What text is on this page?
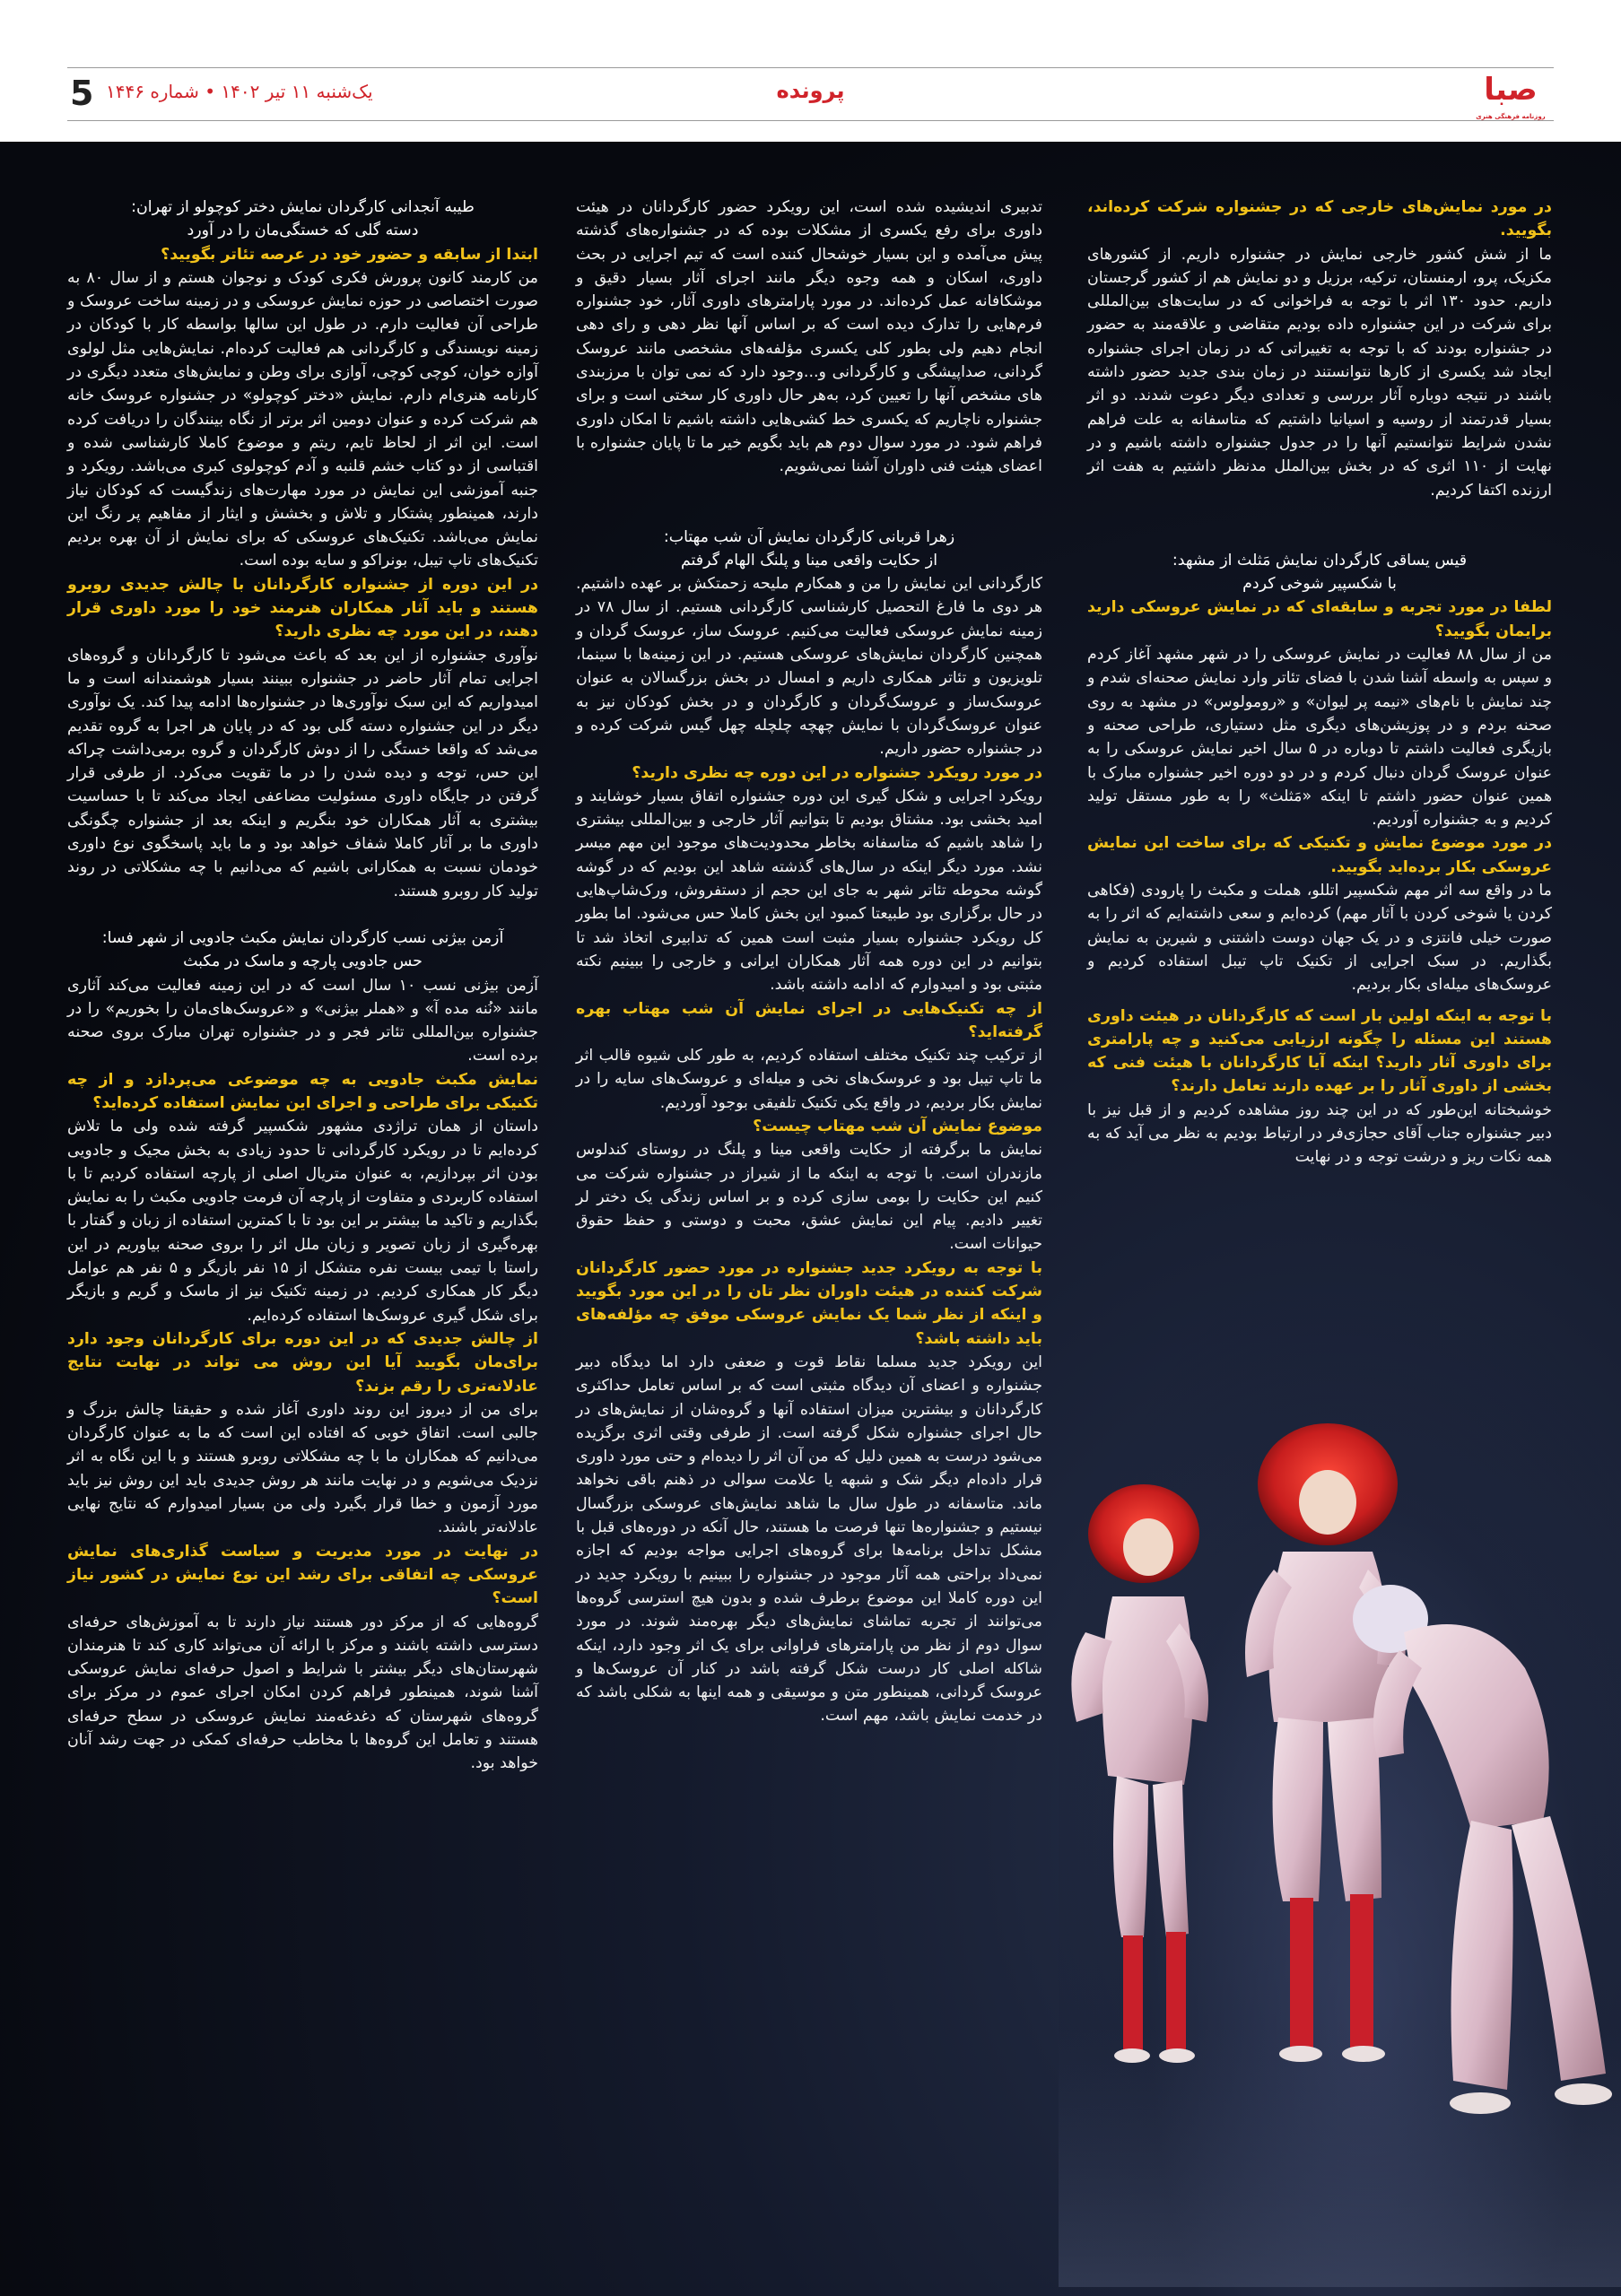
صبا
روزنامه فرهنگی هنری
پرونده
یک‌شنبه ۱۱ تیر ۱۴۰۲ • شماره ۱۴۴۶
5

در مورد نمایش‌های خارجی که در جشنواره شرکت کرده‌اند، بگویید.

ما از شش کشور خارجی نمایش در جشنواره داریم. از کشورهای مکزیک، پرو، ارمنستان، ترکیه، برزیل و دو نمایش هم از کشور گرجستان داریم. حدود ۱۳۰ اثر با توجه به فراخوانی که در سایت‌های بین‌المللی برای شرکت در این جشنواره داده بودیم متقاضی و علاقه‌مند به حضور در جشنواره بودند که با توجه به تغییراتی که در زمان اجرای جشنواره ایجاد شد یکسری از کارها نتوانستند در زمان بندی جدید حضور داشته باشند در نتیجه دوباره آثار بررسی و تعدادی دیگر دعوت شدند. دو اثر بسیار قدرتمند از روسیه و اسپانیا داشتیم که متاسفانه به علت فراهم نشدن شرایط نتوانستیم آنها را در جدول جشنواره داشته باشیم و در نهایت از ۱۱۰ اثری که در بخش بین‌الملل مدنظر داشتیم به هفت اثر ارزنده اکتفا کردیم.

قیس یساقی کارگردان نمایش مَثلث از مشهد:

با شکسپیر شوخی کردم

لطفا در مورد تجربه و سابقه‌ای که در نمایش عروسکی دارید برایمان بگویید؟

من از سال ۸۸ فعالیت در نمایش عروسکی را در شهر مشهد آغاز کردم و سپس به واسطه آشنا شدن با فضای تئاتر وارد نمایش صحنه‌ای شدم و چند نمایش با نام‌های «نیمه پر لیوان» و «رومولوس» در مشهد به روی صحنه بردم و در پوزیشن‌های دیگری مثل دستیاری، طراحی صحنه و بازیگری فعالیت داشتم تا دوباره در ۵ سال اخیر نمایش عروسکی را به عنوان عروسک گردان دنبال کردم و در دو دوره اخیر جشنواره مبارک با همین عنوان حضور داشتم تا اینکه «مَثلث» را به طور مستقل تولید کردیم و به جشنواره آوردیم.

در مورد موضوع نمایش و تکنیکی که برای ساخت این نمایش عروسکی بکار برده‌اید بگویید.

ما در واقع سه اثر مهم شکسپیر اتللو، هملت و مکبث را پارودی (فکاهی کردن یا شوخی کردن با آثار مهم) کرده‌ایم و سعی داشته‌ایم که اثر را به صورت خیلی فانتزی و در یک جهان دوست داشتنی و شیرین به نمایش بگذاریم. در سبک اجرایی از تکنیک تاپ تیبل استفاده کردیم و عروسک‌های میله‌ای بکار بردیم.

با توجه به اینکه اولین بار است که کارگردانان در هیئت داوری هستند این مسئله را چگونه ارزیابی می‌کنید و چه پارامتری برای داوری آثار دارید؟ اینکه آیا کارگردانان با هیئت فنی که بخشی از داوری آثار را بر عهده دارند تعامل دارند؟

خوشبختانه این‌طور که در این چند روز مشاهده کردیم و از قبل نیز با دبیر جشنواره جناب آقای حجازی‌فر در ارتباط بودیم به نظر می آید که به همه نکات ریز و درشت توجه و در نهایت

تدبیری اندیشیده شده است، این رویکرد حضور کارگردانان در هیئت داوری برای رفع یکسری از مشکلات بوده که در جشنواره‌های گذشته پیش می‌آمده و این بسیار خوشحال کننده است که تیم اجرایی در بحث داوری، اسکان و همه وجوه دیگر مانند اجرای آثار بسیار دقیق و موشکافانه عمل کرده‌اند. در مورد پارامترهای داوری آثار، خود جشنواره فرم‌هایی را تدارک دیده است که بر اساس آنها نظر دهی و رای دهی انجام دهیم ولی بطور کلی یکسری مؤلفه‌های مشخصی مانند عروسک گردانی، صداپیشگی و کارگردانی و...وجود دارد که نمی توان با مرزبندی های مشخص آنها را تعیین کرد، به‌هر حال داوری کار سختی است و برای جشنواره ناچاریم که یکسری خط کشی‌هایی داشته باشیم تا امکان داوری فراهم شود. در مورد سوال دوم هم باید بگویم خیر ما تا پایان جشنواره با اعضای هیئت فنی داوران آشنا نمی‌شویم.

زهرا قربانی کارگردان نمایش آن شب مهتاب:

از حکایت واقعی مینا و پلنگ الهام گرفتم

کارگردانی این نمایش را من و همکارم ملیحه زحمتکش بر عهده داشتیم. هر دوی ما فارغ التحصیل کارشناسی کارگردانی هستیم. از سال ۷۸ در زمینه نمایش عروسکی فعالیت می‌کنیم. عروسک ساز، عروسک گردان و همچنین کارگردان نمایش‌های عروسکی هستیم. در این زمینه‌ها با سینما، تلویزیون و تئاتر همکاری داریم و امسال در بخش بزرگسالان به عنوان عروسک‌ساز و عروسک‌گردان و کارگردان و در بخش کودکان نیز به عنوان عروسک‌گردان با نمایش چهچه چلچله چهل گیس شرکت کرده و در جشنواره حضور داریم.

در مورد رویکرد جشنواره در این دوره چه نظری دارید؟

رویکرد اجرایی و شکل گیری این دوره جشنواره اتفاق بسیار خوشایند و امید بخشی بود. مشتاق بودیم تا بتوانیم آثار خارجی و بین‌المللی بیشتری را شاهد باشیم که متاسفانه بخاطر محدودیت‌های موجود این مهم میسر نشد. مورد دیگر اینکه در سال‌های گذشته شاهد این بودیم که در گوشه گوشه محوطه تئاتر شهر به جای این حجم از دستفروش، ورک‌شاپ‌هایی در حال برگزاری بود طبیعتا کمبود این بخش کاملا حس می‌شود. اما بطور کل رویکرد جشنواره بسیار مثبت است همین که تدابیری اتخاذ شد تا بتوانیم در این دوره همه آثار همکاران ایرانی و خارجی را ببینیم نکته مثبتی بود و امیدوارم که ادامه داشته باشد.

از چه تکنیک‌هایی در اجرای نمایش آن شب مهتاب بهره گرفته‌اید؟

از ترکیب چند تکنیک مختلف استفاده کردیم، به طور کلی شیوه قالب اثر ما تاپ تیبل بود و عروسک‌های نخی و میله‌ای و عروسک‌های سایه را در نمایش بکار بردیم، در واقع یکی تکنیک تلفیقی بوجود آوردیم.

موضوع نمایش آن شب مهتاب چیست؟

نمایش ما برگرفته از حکایت واقعی مینا و پلنگ در روستای کندلوس مازندران است. با توجه به اینکه ما از شیراز در جشنواره شرکت می کنیم این حکایت را بومی سازی کرده و بر اساس زندگی یک دختر لر تغییر دادیم. پیام این نمایش عشق، محبت و دوستی و حفظ حقوق حیوانات است.

با توجه به رویکرد جدید جشنواره در مورد حضور کارگردانان شرکت کننده در هیئت داوران نظر تان را در این مورد بگویید و اینکه از نظر شما یک نمایش عروسکی موفق چه مؤلفه‌های باید داشته باشد؟

این رویکرد جدید مسلما نقاط قوت و ضعفی دارد اما دیدگاه دبیر جشنواره و اعضای آن دیدگاه مثبتی است که بر اساس تعامل حداکثری کارگردانان و بیشترین میزان استفاده آنها و گروه‌شان از نمایش‌های در حال اجرای جشنواره شکل گرفته است. از طرفی وقتی اثری برگزیده می‌شود درست به همین دلیل که من آن اثر را دیده‌ام و حتی مورد داوری قرار داده‌ام دیگر شک و شبهه یا علامت سوالی در ذهنم باقی نخواهد ماند. متاسفانه در طول سال ما شاهد نمایش‌های عروسکی بزرگسال نیستیم و جشنواره‌ها تنها فرصت ما هستند، حال آنکه در دوره‌های قبل با مشکل تداخل برنامه‌ها برای گروه‌های اجرایی مواجه بودیم که اجازه نمی‌داد براحتی همه آثار موجود در جشنواره را ببینیم با رویکرد جدید در این دوره کاملا این موضوع برطرف شده و بدون هیچ استرسی گروه‌ها می‌توانند از تجربه تماشای نمایش‌های دیگر بهره‌مند شوند. در مورد سوال دوم از نظر من پارامترهای فراوانی برای یک اثر وجود دارد، اینکه شاکله اصلی کار درست شکل گرفته باشد در کنار آن عروسک‌ها و عروسک گردانی، همینطور متن و موسیقی و همه اینها به شکلی باشد که در خدمت نمایش باشد، مهم است.

طیبه آنجدانی کارگردان نمایش دختر کوچولو از تهران:

دسته گلی که خستگی‌مان را در آورد

ابتدا از سابقه و حضور خود در عرصه تئاتر بگویید؟

من کارمند کانون پرورش فکری کودک و نوجوان هستم و از سال ۸۰ به صورت اختصاصی در حوزه نمایش عروسکی و در زمینه ساخت عروسک و طراحی آن فعالیت دارم. در طول این سالها بواسطه کار با کودکان در زمینه نویسندگی و کارگردانی هم فعالیت کرده‌ام. نمایش‌هایی مثل لولوی آوازه خوان، کوچی کوچی، آوازی برای وطن و نمایش‌های متعدد دیگری در کارنامه هنری‌ام دارم. نمایش «دختر کوچولو» در جشنواره عروسک خانه هم شرکت کرده و عنوان دومین اثر برتر از نگاه بینندگان را دریافت کرده است. این اثر از لحاظ تایم، ریتم و موضوع کاملا کارشناسی شده و اقتباسی از دو کتاب خشم قلنبه و آدم کوچولوی کبری می‌باشد. رویکرد و جنبه آموزشی این نمایش در مورد مهارت‌های زندگیست که کودکان نیاز دارند، همینطور پشتکار و تلاش و بخشش و ایثار از مفاهیم پر رنگ این نمایش می‌باشد. تکنیک‌های عروسکی که برای نمایش از آن بهره بردیم تکنیک‌های تاپ تیبل، بونراکو و سایه بوده است.

در این دوره از جشنواره کارگردانان با چالش جدیدی روبرو هستند و باید آثار همکاران هنرمند خود را مورد داوری قرار دهند، در این مورد چه نظری دارید؟

نوآوری جشنواره از این بعد که باعث می‌شود تا کارگردانان و گروه‌های اجرایی تمام آثار حاضر در جشنواره ببینند بسیار هوشمندانه است و ما امیدواریم که این سبک نوآوری‌ها در جشنواره‌ها ادامه پیدا کند. یک نوآوری دیگر در این جشنواره دسته گلی بود که در پایان هر اجرا به گروه تقدیم می‌شد که واقعا خستگی را از دوش کارگردان و گروه برمی‌داشت چراکه این حس، توجه و دیده شدن را در ما تقویت می‌کرد. از طرفی قرار گرفتن در جایگاه داوری مسئولیت مضاعفی ایجاد می‌کند تا با حساسیت بیشتری به آثار همکاران خود بنگریم و اینکه بعد از جشنواره چگونگی داوری ما بر آثار کاملا شفاف خواهد بود و ما باید پاسخگوی نوع داوری خودمان نسبت به همکارانی باشیم که می‌دانیم با چه مشکلاتی در روند تولید کار روبرو هستند.

آزمن بیژنی نسب کارگردان نمایش مکبث جادویی از شهر فسا:

حس جادویی پارچه و ماسک در مکبث

آزمن بیژنی نسب ۱۰ سال است که در این زمینه فعالیت می‌کند آثاری مانند «نُنه مده آ» و «هملر بیژنی» و «عروسک‌های‌مان را بخوریم» را در جشنواره بین‌المللی تئاتر فجر و در جشنواره تهران مبارک بروی صحنه برده است.

نمایش مکبث جادویی به چه موضوعی می‌پردازد و از چه تکنیکی برای طراحی و اجرای این نمایش استفاده کرده‌اید؟

داستان از همان تراژدی مشهور شکسپیر گرفته شده ولی ما تلاش کرده‌ایم تا در رویکرد کارگردانی تا حدود زیادی به بخش مجیک و جادویی بودن اثر بپردازیم، به عنوان متریال اصلی از پارچه استفاده کردیم تا با استفاده کاربردی و متفاوت از پارچه آن فرمت جادویی مکبث را به نمایش بگذاریم و تاکید ما بیشتر بر این بود تا با کمترین استفاده از زبان و گفتار با بهره‌گیری از زبان تصویر و زبان ملل اثر را بروی صحنه بیاوریم در این راستا با تیمی بیست نفره متشکل از ۱۵ نفر بازیگر و ۵ نفر هم عوامل دیگر کار همکاری کردیم. در زمینه تکنیک نیز از ماسک و گریم و بازیگر برای شکل گیری عروسک‌ها استفاده کرده‌ایم.

از چالش جدیدی که در این دوره برای کارگردانان وجود دارد برای‌مان بگویید آیا این روش می تواند در نهایت نتایج عادلانه‌تری را رقم بزند؟

برای من از دیروز این روند داوری آغاز شده و حقیقتا چالش بزرگ و جالبی است. اتفاق خوبی که افتاده این است که ما به عنوان کارگردان می‌دانیم که همکاران ما با چه مشکلاتی روبرو هستند و با این نگاه به اثر نزدیک می‌شویم و در نهایت مانند هر روش جدیدی باید این روش نیز باید مورد آزمون و خطا قرار بگیرد ولی من بسیار امیدوارم که نتایج نهایی عادلانه‌تر باشند.

در نهایت در مورد مدیریت و سیاست گذاری‌های نمایش عروسکی چه اتفاقی برای رشد این نوع نمایش در کشور نیاز است؟

گروه‌هایی که از مرکز دور هستند نیاز دارند تا به آموزش‌های حرفه‌ای دسترسی داشته باشند و مرکز با ارائه آن می‌تواند کاری کند تا هنرمندان شهرستان‌های دیگر بیشتر با شرایط و اصول حرفه‌ای نمایش عروسکی آشنا شوند، همینطور فراهم کردن امکان اجرای عموم در مرکز برای گروه‌های شهرستان که دغدغه‌مند نمایش عروسکی در سطح حرفه‌ای هستند و تعامل این گروه‌ها با مخاطب حرفه‌ای کمکی در جهت رشد آنان خواهد بود.
